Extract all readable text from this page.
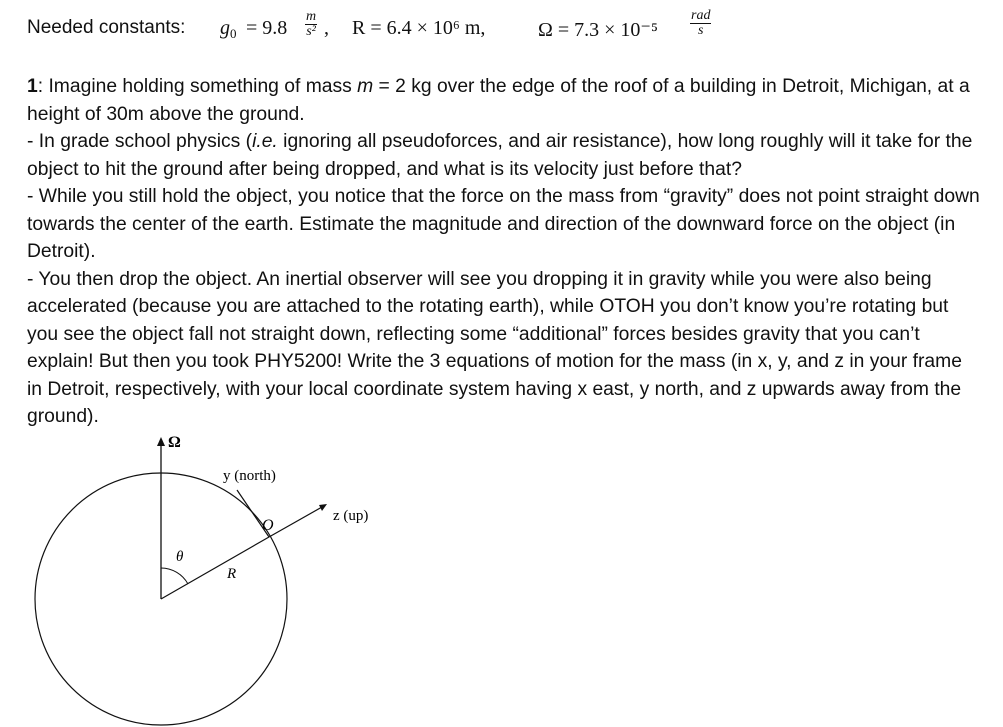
Needed constants: g $0 = 9.8 \frac{m}{\text{s²}}$ , R = 6.4 × 10⁶ m,	Ω = 7.3 × 10⁻⁵
rad
s

1: Imagine holding something of mass m = 2 kg over the edge of the roof of a building in Detroit, Michigan, at a height of 30m above the ground.

- In grade school physics (i.e. ignoring all pseudoforces, and air resistance), how long roughly will it take for the object to hit the ground after being dropped, and what is its velocity just before that?

- While you still hold the object, you notice that the force on the mass from “gravity” does not point straight down towards the center of the earth. Estimate the magnitude and direction of the downward force on the object (in Detroit).

- You then drop the object. An inertial observer will see you dropping it in gravity while you were also being accelerated (because you are attached to the rotating earth), while OTOH you don’t know you’re rotating but you see the object fall not straight down, reflecting some “additional” forces besides gravity that you can’t explain! But then you took PHY5200! Write the 3 equations of motion for the mass (in x, y, and z in your frame in Detroit, respectively, with your local coordinate system having x east, y north, and z upwards away from the ground).

Ω
y (north)
z (up)
O
θ
R
